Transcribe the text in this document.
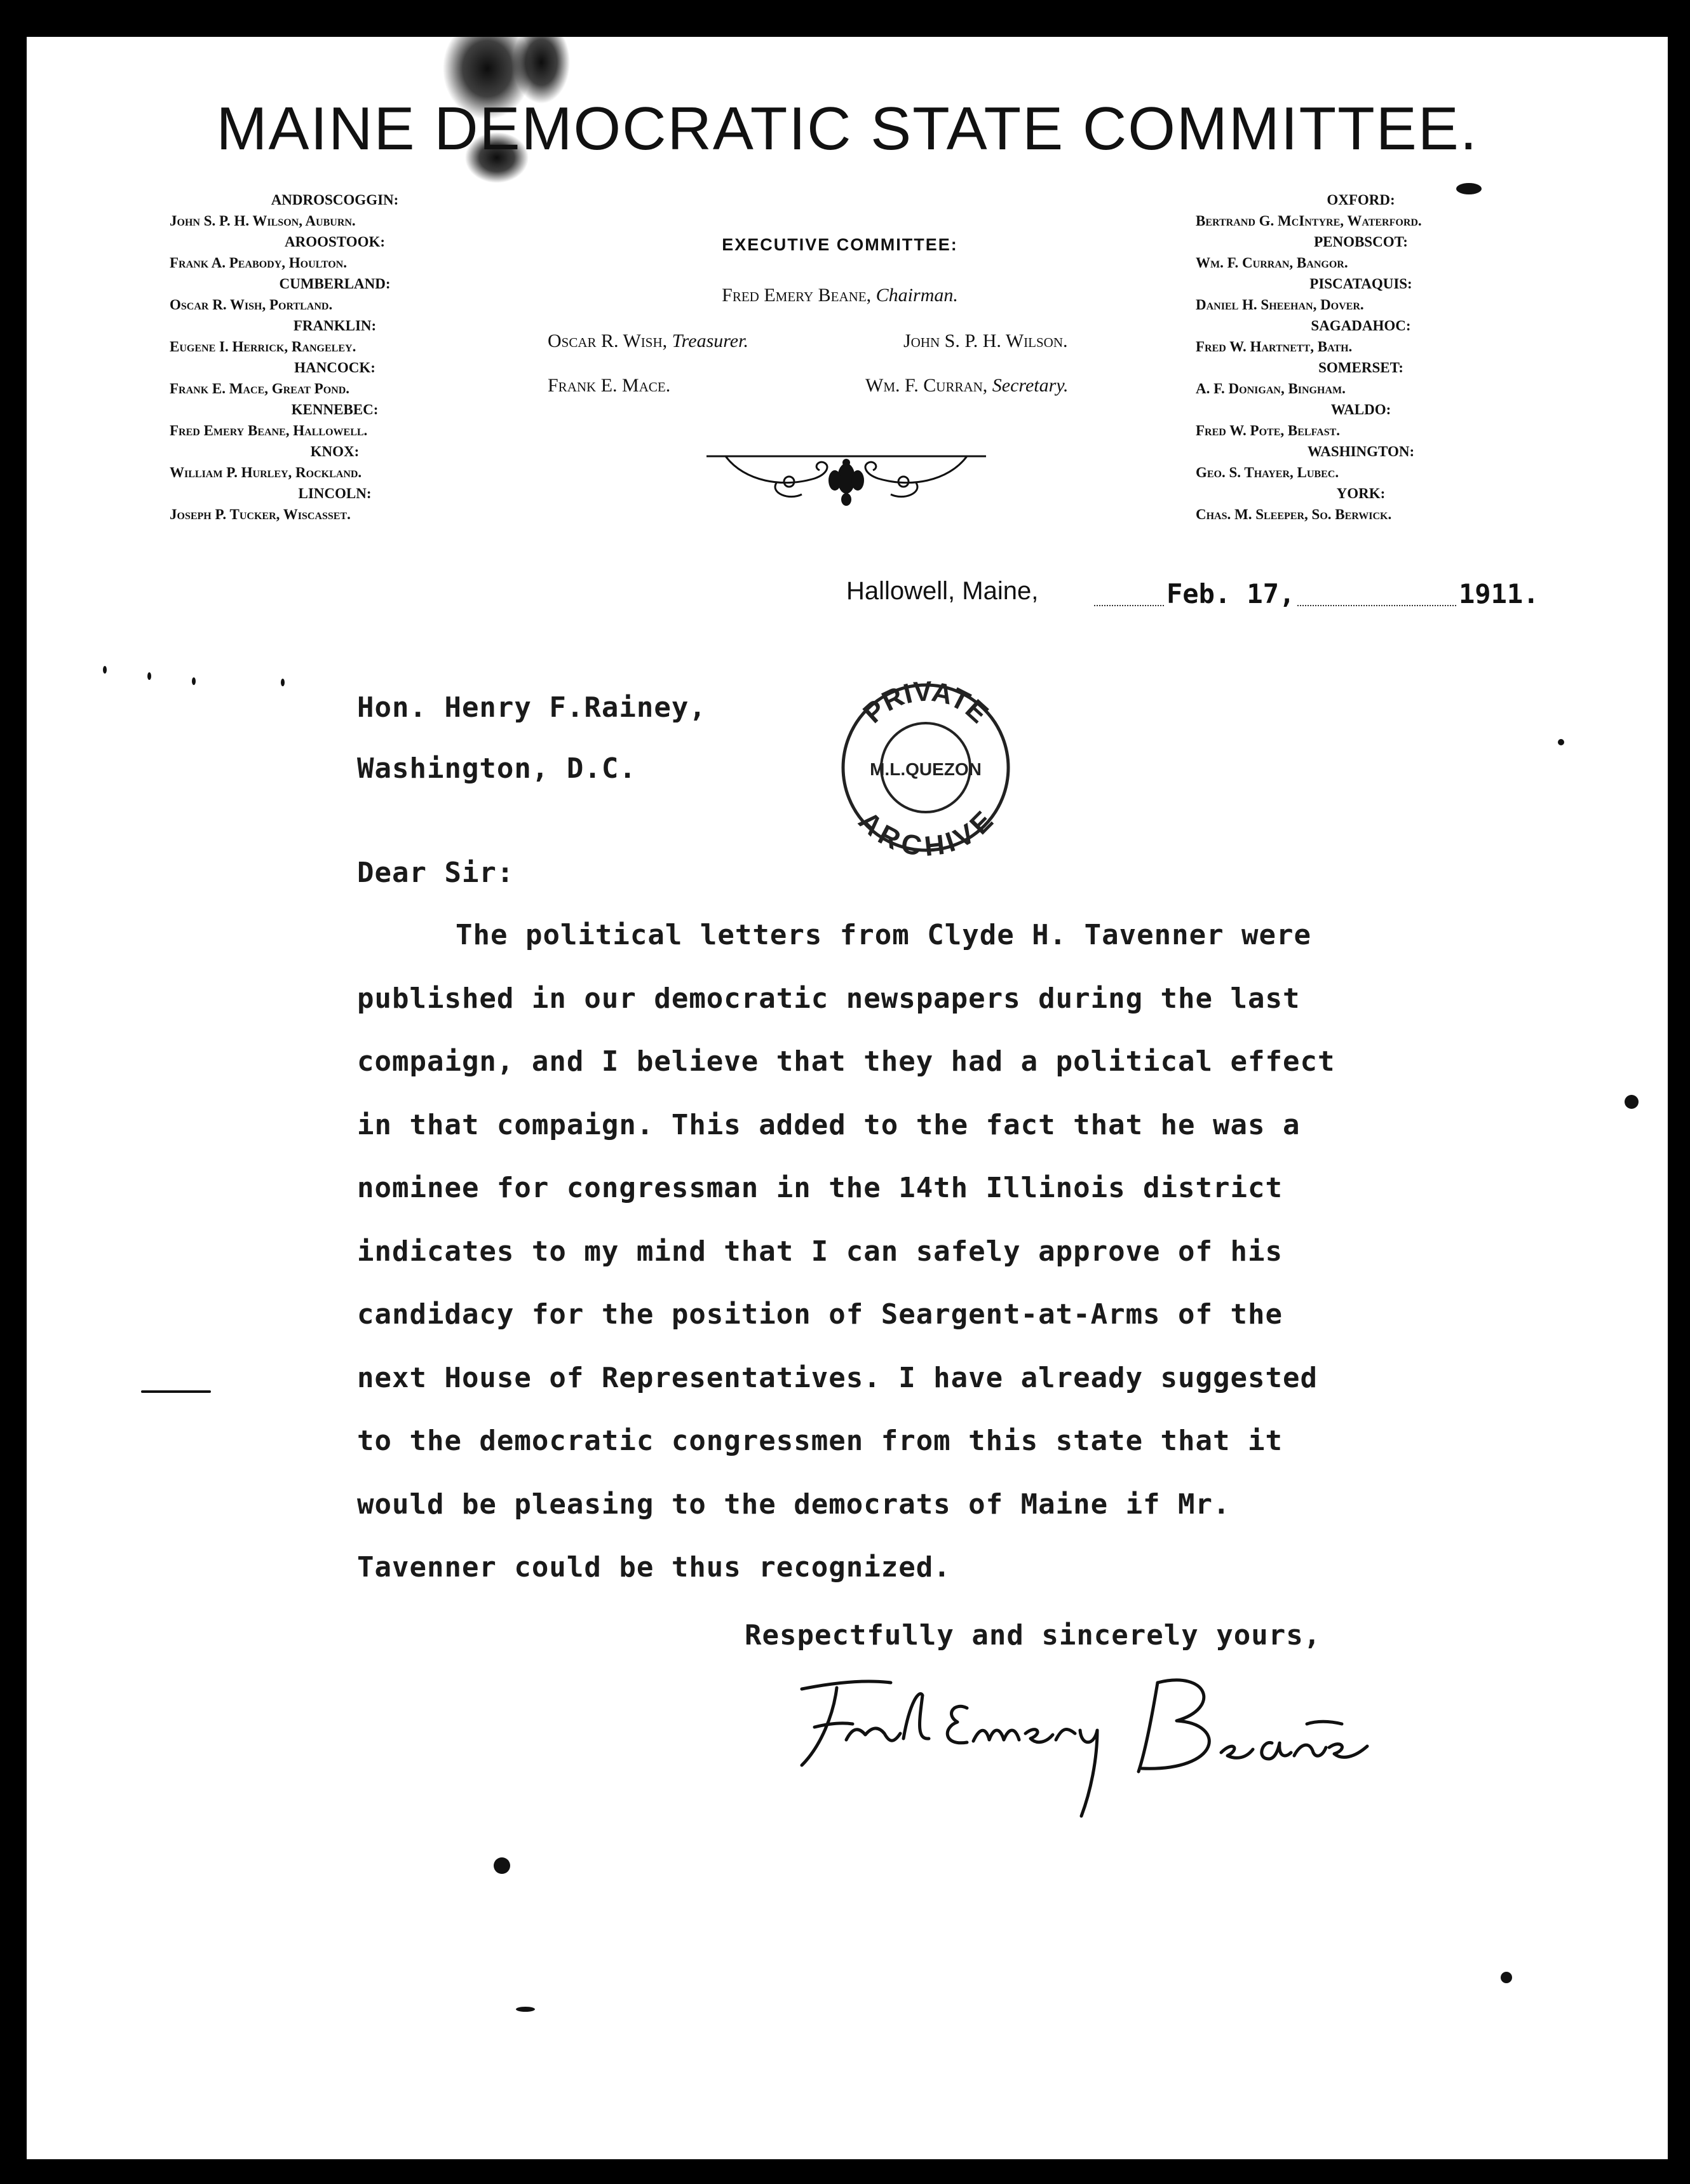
MAINE DEMOCRATIC STATE COMMITTEE.
ANDROSCOGGIN:
John S. P. H. Wilson, Auburn.
AROOSTOOK:
Frank A. Peabody, Houlton.
CUMBERLAND:
Oscar R. Wish, Portland.
FRANKLIN:
Eugene I. Herrick, Rangeley.
HANCOCK:
Frank E. Mace, Great Pond.
KENNEBEC:
Fred Emery Beane, Hallowell.
KNOX:
William P. Hurley, Rockland.
LINCOLN:
Joseph P. Tucker, Wiscasset.
OXFORD:
Bertrand G. McIntyre, Waterford.
PENOBSCOT:
Wm. F. Curran, Bangor.
PISCATAQUIS:
Daniel H. Sheehan, Dover.
SAGADAHOC:
Fred W. Hartnett, Bath.
SOMERSET:
A. F. Donigan, Bingham.
WALDO:
Fred W. Pote, Belfast.
WASHINGTON:
Geo. S. Thayer, Lubec.
YORK:
Chas. M. Sleeper, So. Berwick.
EXECUTIVE COMMITTEE:
Fred Emery Beane, Chairman.
Oscar R. Wish, Treasurer.	John S. P. H. Wilson.
Frank E. Mace.	Wm. F. Curran, Secretary.
Hallowell, Maine,	Feb. 17,	1911.
PRIVATE
ARCHIVE
M.L.QUEZON
Hon. Henry F.Rainey,
Washington, D.C.
Dear Sir:
The political letters from Clyde H. Tavenner were
published in our democratic newspapers during the last
compaign, and I believe that they had a political effect
in that compaign. This added to the fact that he was a
nominee for congressman in the 14th Illinois district
indicates to my mind that I can safely approve of his
candidacy for the position of Seargent-at-Arms of the
next House of Representatives. I have already suggested
to the democratic congressmen from this state that it
would be pleasing to the democrats of Maine if Mr.
Tavenner could be thus recognized.
Respectfully and sincerely yours,
